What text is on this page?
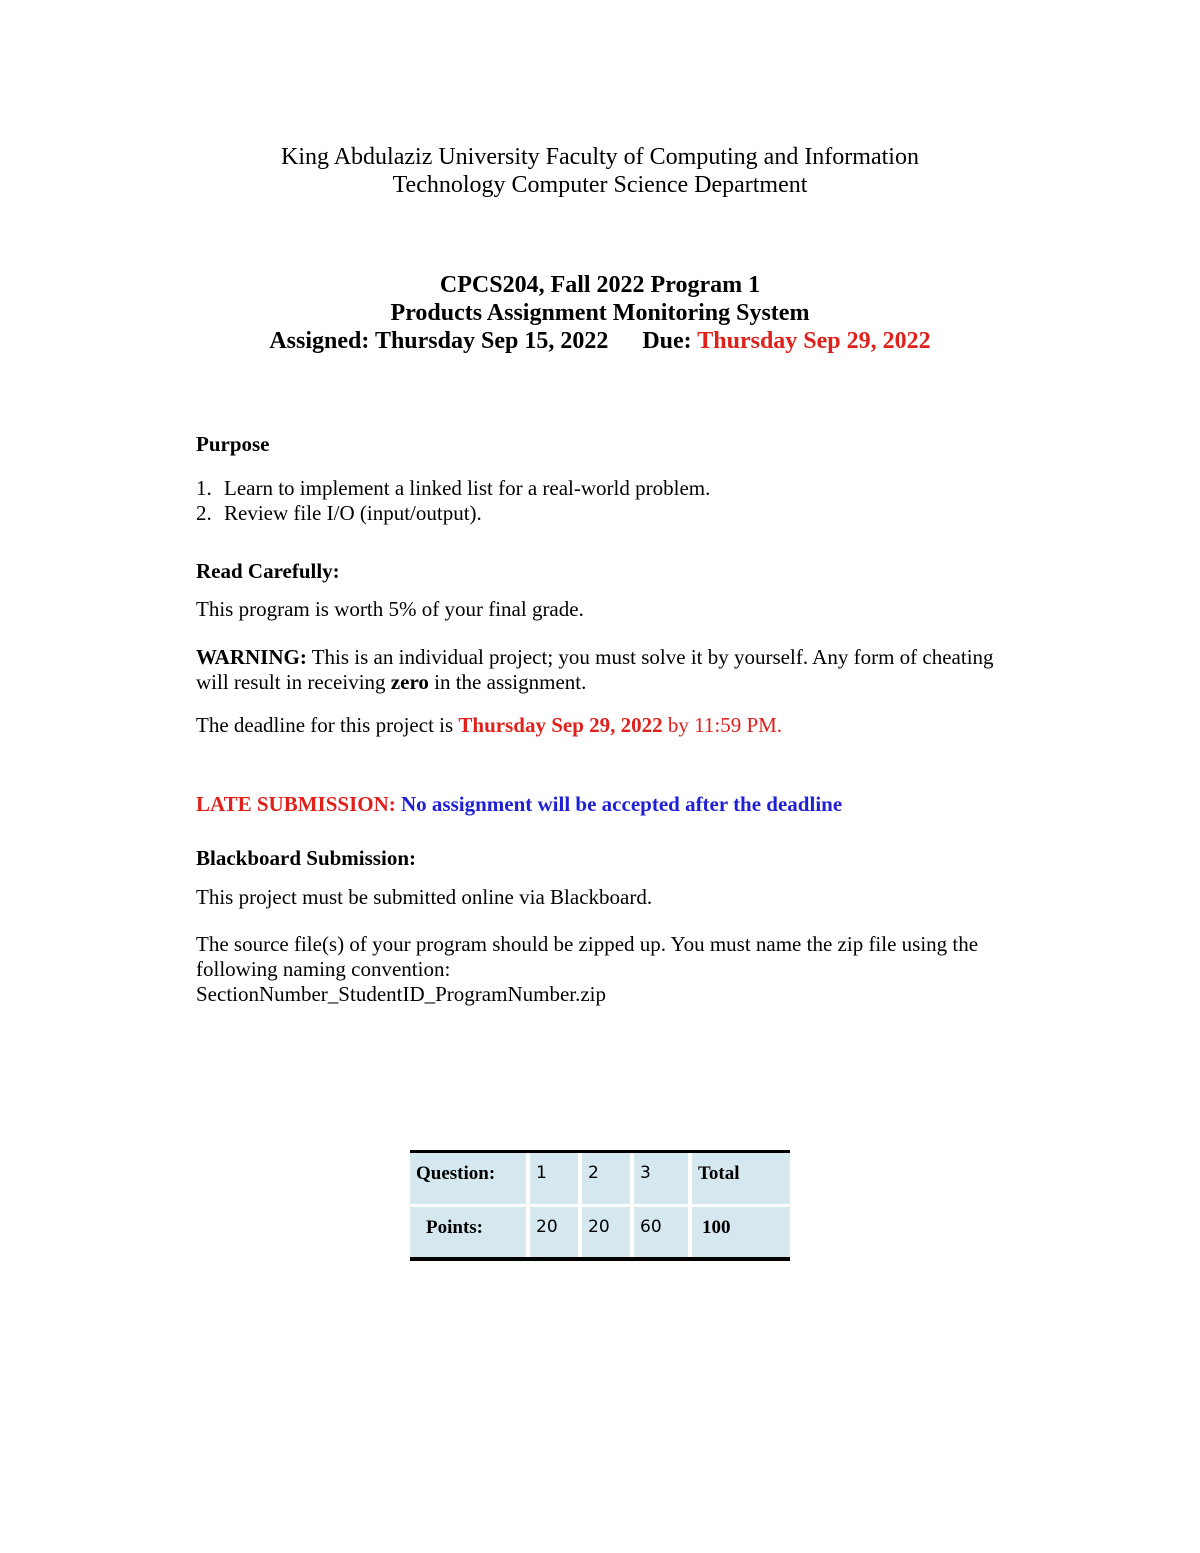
King Abdulaziz University Faculty of Computing and Information
Technology Computer Science Department
CPCS204, Fall 2022 Program 1
Products Assignment Monitoring System
Assigned: Thursday Sep 15, 2022 Due: Thursday Sep 29, 2022
Purpose
1. Learn to implement a linked list for a real-world problem.
2. Review file I/O (input/output).
Read Carefully:
This program is worth 5% of your final grade.
WARNING: This is an individual project; you must solve it by yourself. Any form of cheating will result in receiving zero in the assignment.
The deadline for this project is Thursday Sep 29, 2022 by 11:59 PM.
LATE SUBMISSION: No assignment will be accepted after the deadline
Blackboard Submission:
This project must be submitted online via Blackboard.
The source file(s) of your program should be zipped up. You must name the zip file using the following naming convention:
SectionNumber_StudentID_ProgramNumber.zip
Question:	1	2	3	Total
Points:	20	20	60	100
